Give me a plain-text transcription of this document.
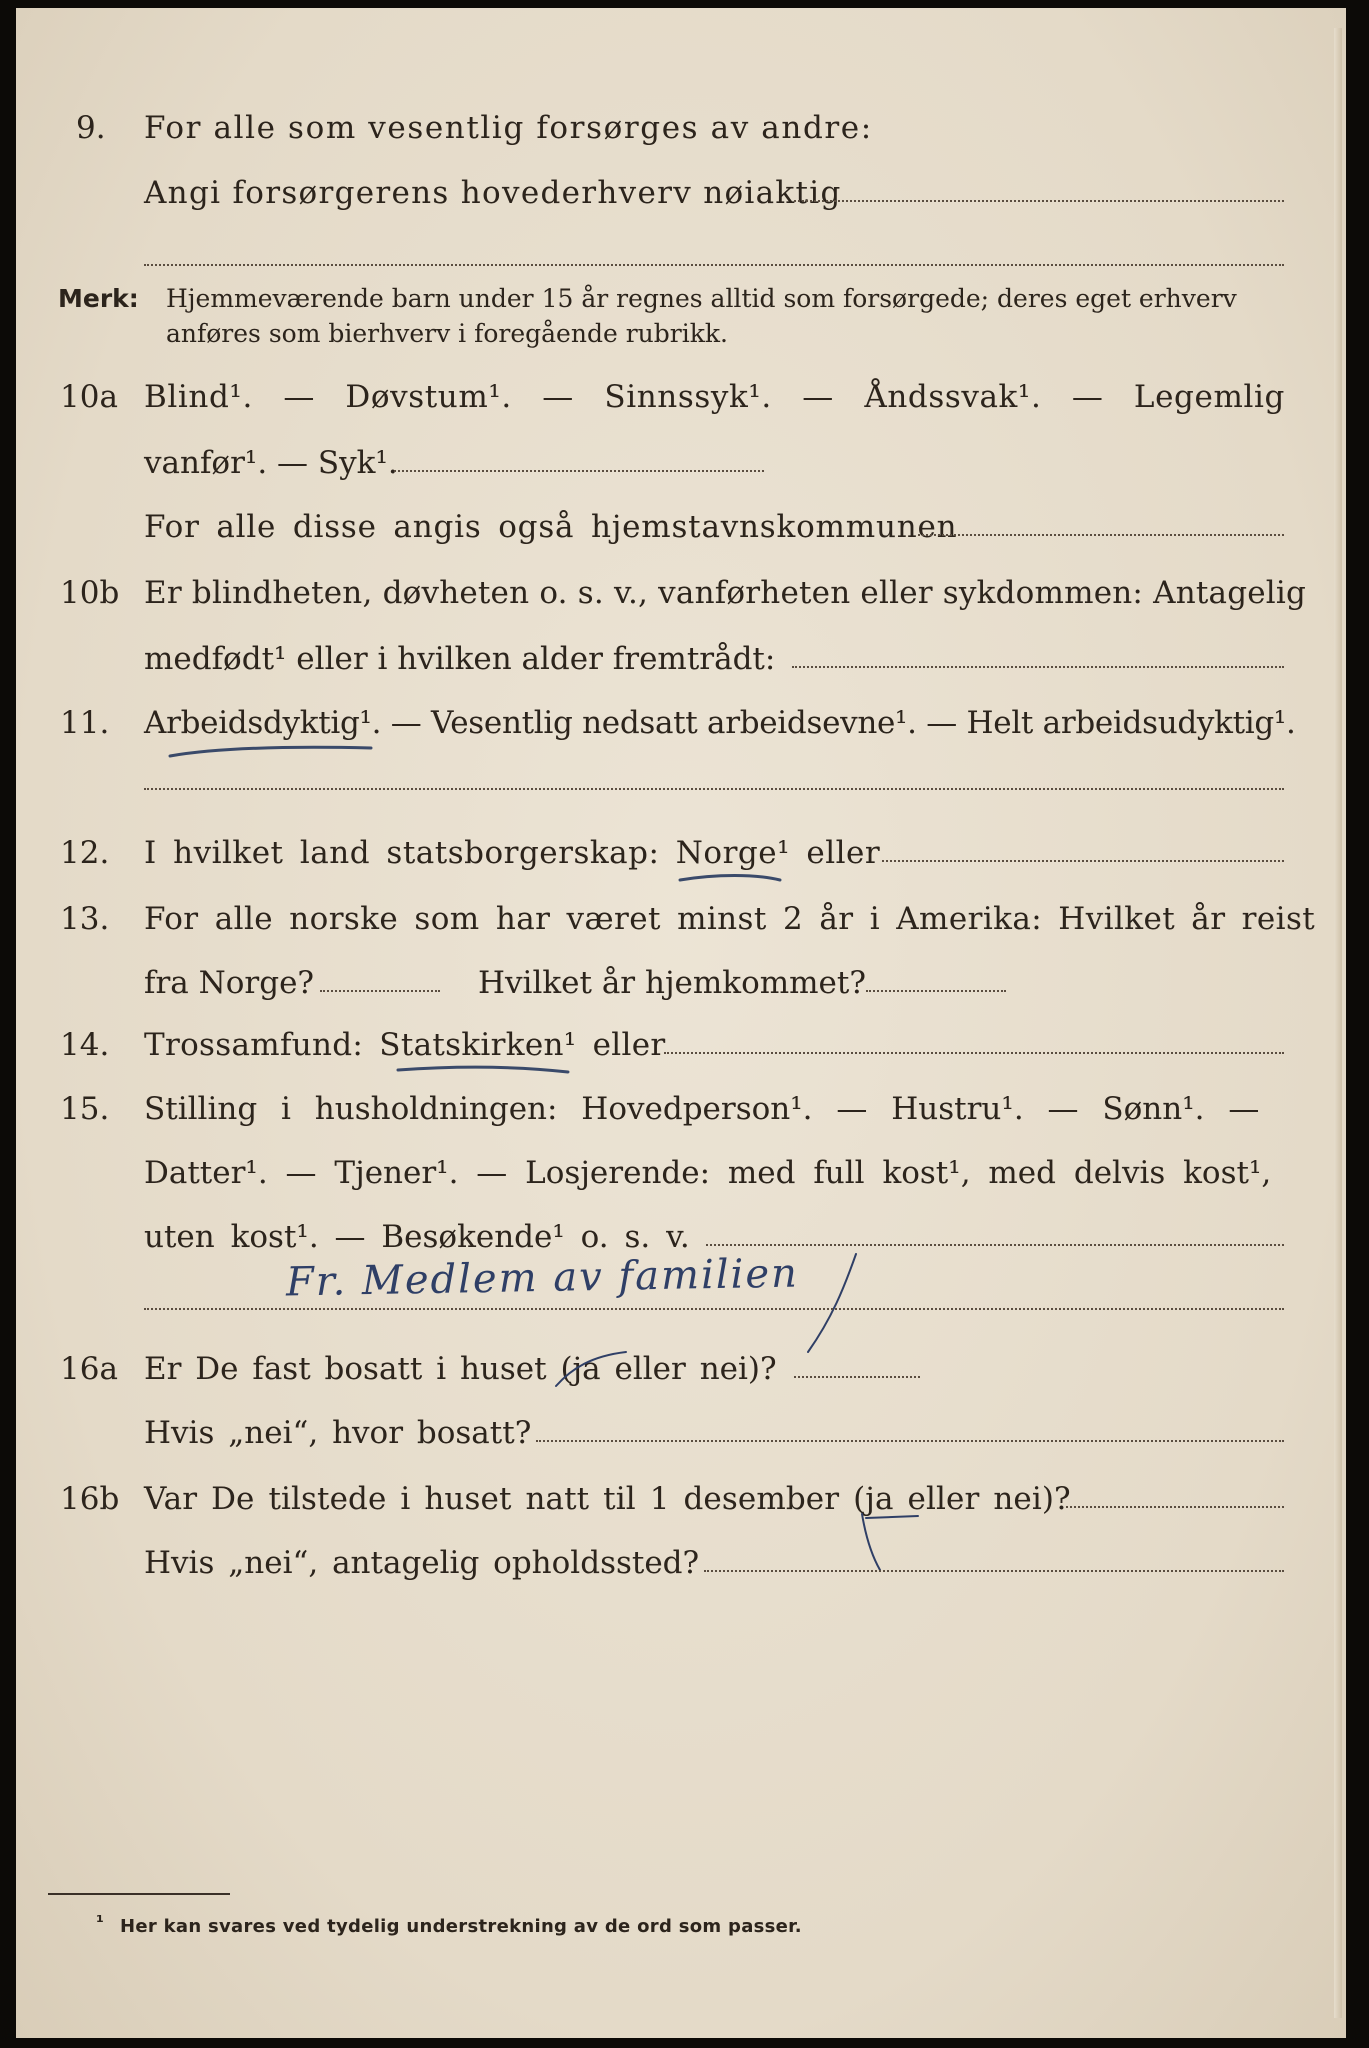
9. For alle som vesentlig forsørges av andre:
Angi forsørgerens hovederhverv nøiaktig
Merk: Hjemmeværende barn under 15 år regnes alltid som forsørgede; deres eget erhverv
anføres som bierhverv i foregående rubrikk.
10a Blind¹. — Døvstum¹. — Sinnssyk¹. — Åndssvak¹. — Legemlig
vanfør¹. — Syk¹.
For alle disse angis også hjemstavnskommunen
10b Er blindheten, døvheten o. s. v., vanførheten eller sykdommen: Antagelig
medfødt¹ eller i hvilken alder fremtrådt:
11. Arbeidsdyktig¹. — Vesentlig nedsatt arbeidsevne¹. — Helt arbeidsudyktig¹.
12. I hvilket land statsborgerskap: Norge¹ eller
13. For alle norske som har været minst 2 år i Amerika: Hvilket år reist
fra Norge?	Hvilket år hjemkommet?
14. Trossamfund: Statskirken¹ eller
15. Stilling i husholdningen: Hovedperson¹. — Hustru¹. — Sønn¹. —
Datter¹. — Tjener¹. — Losjerende: med full kost¹, med delvis kost¹,
uten kost¹. — Besøkende¹ o. s. v.
Fr. Medlem av familien
16a Er De fast bosatt i huset (ja eller nei)?
Hvis „nei“, hvor bosatt?
16b Var De tilstede i huset natt til 1 desember (ja eller nei)?
Hvis „nei“, antagelig opholdssted?
¹ Her kan svares ved tydelig understrekning av de ord som passer.
